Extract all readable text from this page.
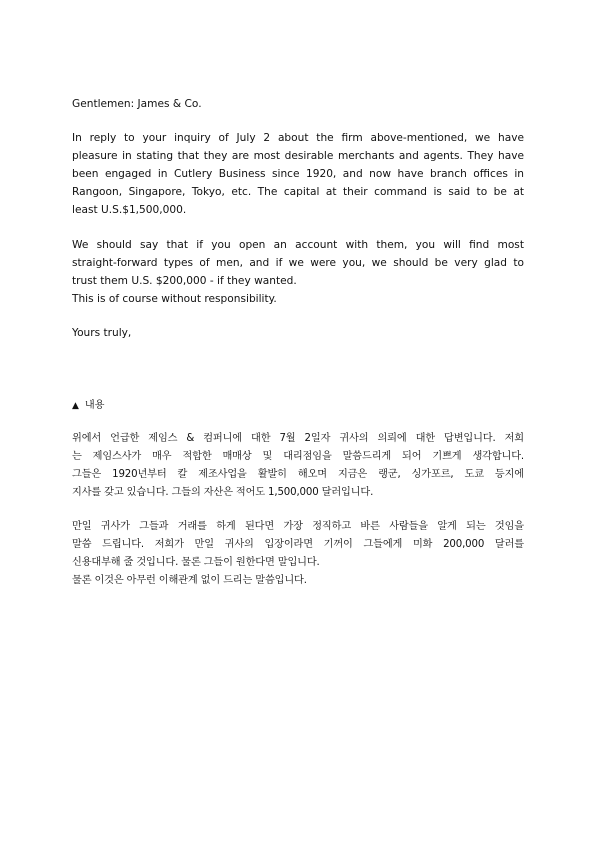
Gentlemen: James & Co.
In reply to your inquiry of July 2 about the firm above-mentioned, we have
pleasure in stating that they are most desirable merchants and agents. They have
been engaged in Cutlery Business since 1920, and now have branch offices in
Rangoon, Singapore, Tokyo, etc. The capital at their command is said to be at
least U.S.$1,500,000.
We should say that if you open an account with them, you will find most
straight-forward types of men, and if we were you, we should be very glad to
trust them U.S. $200,000 - if they wanted.
This is of course without responsibility.
Yours truly,
▲ 내용
위에서 언급한 제임스 & 컴퍼니에 대한 7월 2일자 귀사의 의뢰에 대한 답변입니다. 저희
는 제임스사가 매우 적합한 매매상 및 대리점임을 말씀드리게 되어 기쁘게 생각합니다.
그들은 1920년부터 칼 제조사업을 활발히 해오며 지금은 랭군, 싱가포르, 도쿄 등지에
지사를 갖고 있습니다. 그들의 자산은 적어도 1,500,000 달러입니다.
만일 귀사가 그들과 거래를 하게 된다면 가장 정직하고 바른 사람들을 알게 되는 것임을
말씀 드립니다. 저희가 만일 귀사의 입장이라면 기꺼이 그들에게 미화 200,000 달러를
신용대부해 줄 것입니다. 물론 그들이 원한다면 말입니다.
물론 이것은 아무런 이해관계 없이 드리는 말씀입니다.
